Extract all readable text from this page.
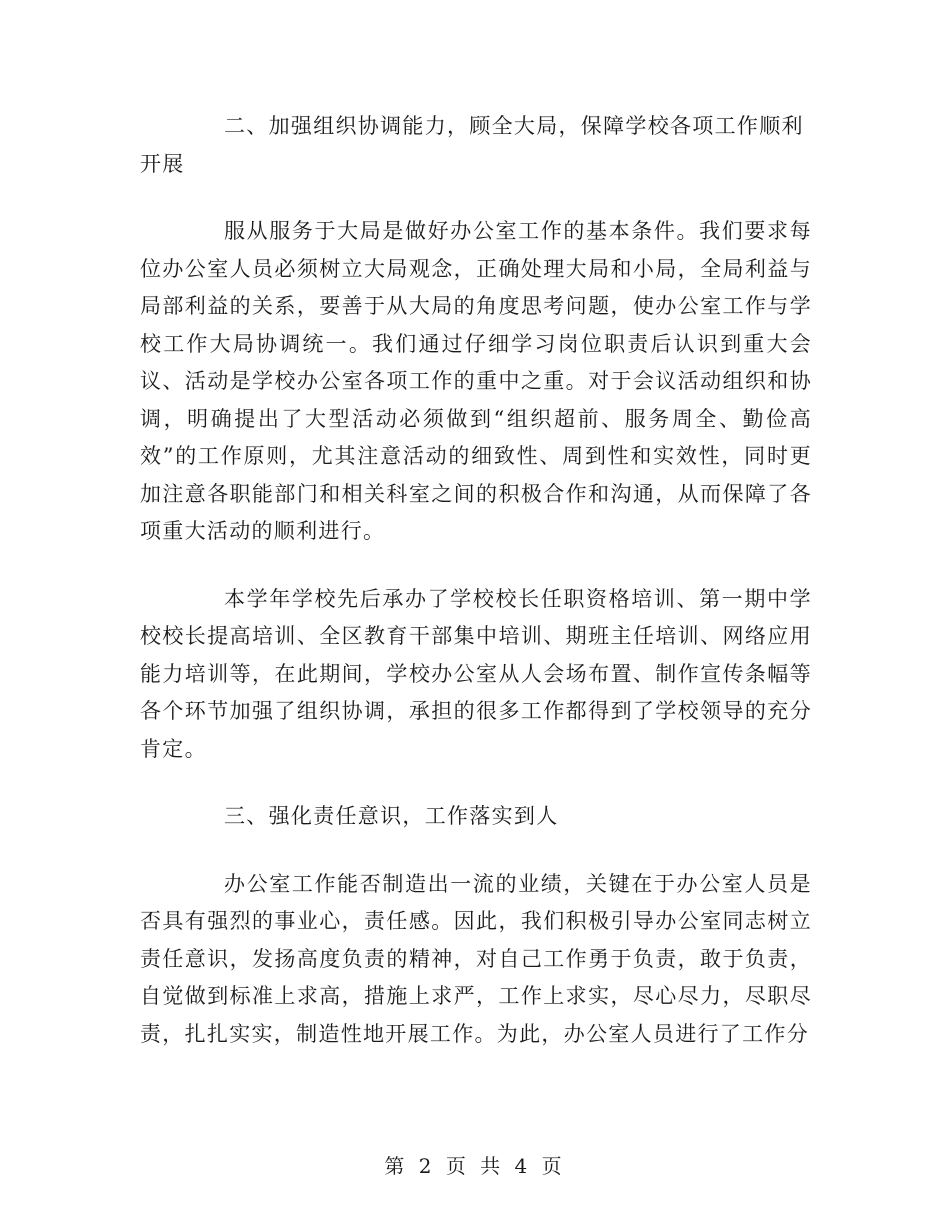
二、加强组织协调能力，顾全大局，保障学校各项工作顺利开展

服从服务于大局是做好办公室工作的基本条件。我们要求每位办公室人员必须树立大局观念，正确处理大局和小局，全局利益与局部利益的关系，要善于从大局的角度思考问题，使办公室工作与学校工作大局协调统一。我们通过仔细学习岗位职责后认识到重大会议、活动是学校办公室各项工作的重中之重。对于会议活动组织和协调，明确提出了大型活动必须做到“组织超前、服务周全、勤俭高效”的工作原则，尤其注意活动的细致性、周到性和实效性，同时更加注意各职能部门和相关科室之间的积极合作和沟通，从而保障了各项重大活动的顺利进行。

本学年学校先后承办了学校校长任职资格培训、第一期中学校校长提高培训、全区教育干部集中培训、期班主任培训、网络应用能力培训等，在此期间，学校办公室从人会场布置、制作宣传条幅等各个环节加强了组织协调，承担的很多工作都得到了学校领导的充分肯定。

三、强化责任意识，工作落实到人

办公室工作能否制造出一流的业绩，关键在于办公室人员是否具有强烈的事业心，责任感。因此，我们积极引导办公室同志树立责任意识，发扬高度负责的精神，对自己工作勇于负责，敢于负责，自觉做到标准上求高，措施上求严，工作上求实，尽心尽力，尽职尽责，扎扎实实，制造性地开展工作。为此，办公室人员进行了工作分

第 2 页 共 4 页
